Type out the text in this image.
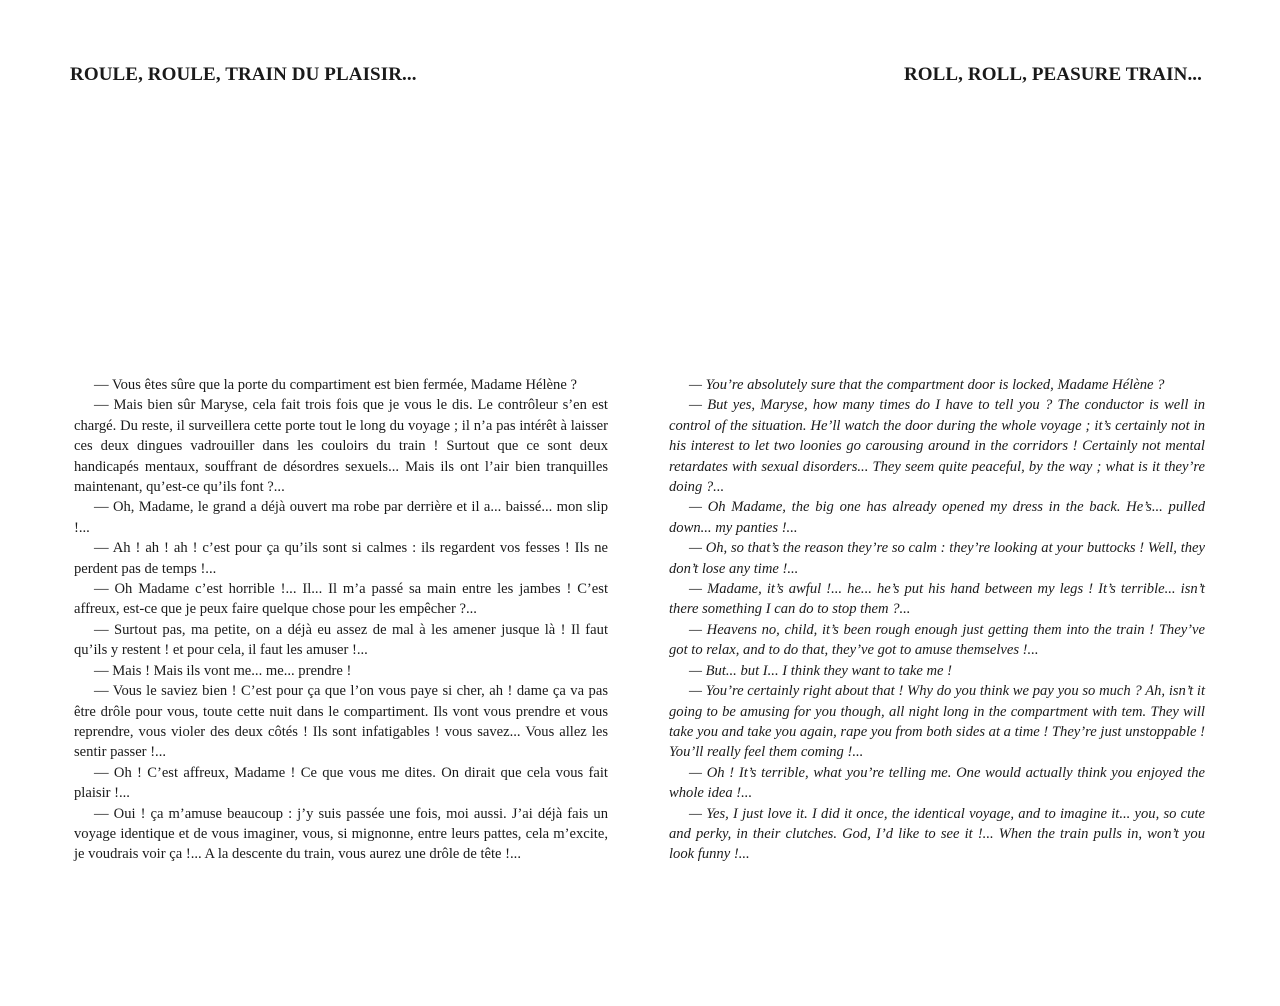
ROULE, ROULE, TRAIN DU PLAISIR...	ROLL, ROLL, PEASURE TRAIN...

— Vous êtes sûre que la porte du compartiment est bien fermée, Madame Hélène ?

— Mais bien sûr Maryse, cela fait trois fois que je vous le dis. Le contrôleur s’en est chargé. Du reste, il surveillera cette porte tout le long du voyage ; il n’a pas intérêt à laisser ces deux dingues vadrouiller dans les couloirs du train ! Surtout que ce sont deux handicapés mentaux, souffrant de désordres sexuels... Mais ils ont l’air bien tranquilles maintenant, qu’est-ce qu’ils font ?...

— Oh, Madame, le grand a déjà ouvert ma robe par derrière et il a... baissé... mon slip !...

— Ah ! ah ! ah ! c’est pour ça qu’ils sont si calmes : ils regardent vos fesses ! Ils ne perdent pas de temps !...

— Oh Madame c’est horrible !... Il... Il m’a passé sa main entre les jambes ! C’est affreux, est-ce que je peux faire quelque chose pour les empêcher ?...

— Surtout pas, ma petite, on a déjà eu assez de mal à les amener jusque là ! Il faut qu’ils y restent ! et pour cela, il faut les amuser !...

— Mais ! Mais ils vont me... me... prendre !

— Vous le saviez bien ! C’est pour ça que l’on vous paye si cher, ah ! dame ça va pas être drôle pour vous, toute cette nuit dans le compartiment. Ils vont vous prendre et vous reprendre, vous violer des deux côtés ! Ils sont infatigables ! vous savez... Vous allez les sentir passer !...

— Oh ! C’est affreux, Madame ! Ce que vous me dites. On dirait que cela vous fait plaisir !...

— Oui ! ça m’amuse beaucoup : j’y suis passée une fois, moi aussi. J’ai déjà fais un voyage identique et de vous imaginer, vous, si mignonne, entre leurs pattes, cela m’excite, je voudrais voir ça !... A la descente du train, vous aurez une drôle de tête !...

— You’re absolutely sure that the compartment door is locked, Madame Hélène ?

— But yes, Maryse, how many times do I have to tell you ? The conductor is well in control of the situation. He’ll watch the door during the whole voyage ; it’s certainly not in his interest to let two loonies go carousing around in the corridors ! Certainly not mental retardates with sexual disorders... They seem quite peaceful, by the way ; what is it they’re doing ?...

— Oh Madame, the big one has already opened my dress in the back. He’s... pulled down... my panties !...

— Oh, so that’s the reason they’re so calm : they’re looking at your buttocks ! Well, they don’t lose any time !...

— Madame, it’s awful !... he... he’s put his hand between my legs ! It’s terrible... isn’t there something I can do to stop them ?...

— Heavens no, child, it’s been rough enough just getting them into the train ! They’ve got to relax, and to do that, they’ve got to amuse themselves !...

— But... but I... I think they want to take me !

— You’re certainly right about that ! Why do you think we pay you so much ? Ah, isn’t it going to be amusing for you though, all night long in the compartment with tem. They will take you and take you again, rape you from both sides at a time ! They’re just unstoppable ! You’ll really feel them coming !...

— Oh ! It’s terrible, what you’re telling me. One would actually think you enjoyed the whole idea !...

— Yes, I just love it. I did it once, the identical voyage, and to imagine it... you, so cute and perky, in their clutches. God, I’d like to see it !... When the train pulls in, won’t you look funny !...
